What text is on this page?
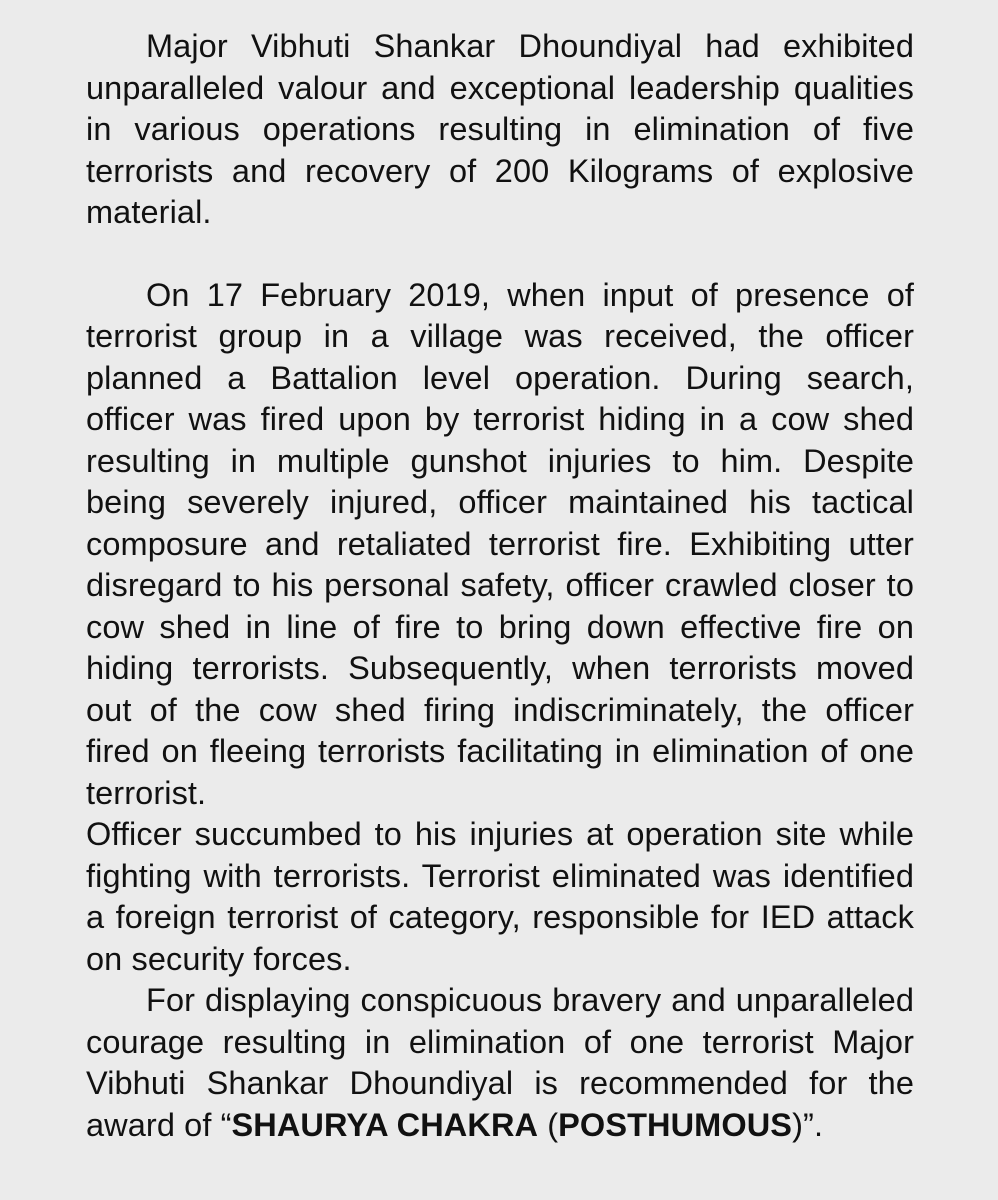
Major Vibhuti Shankar Dhoundiyal had exhibited unparalleled valour and exceptional leadership qualities in various operations resulting in elimination of five terrorists and recovery of 200 Kilograms of explosive material.

On 17 February 2019, when input of presence of terrorist group in a village was received, the officer planned a Battalion level operation. During search, officer was fired upon by terrorist hiding in a cow shed resulting in multiple gunshot injuries to him. Despite being severely injured, officer maintained his tactical composure and retaliated terrorist fire. Exhibiting utter disregard to his personal safety, officer crawled closer to cow shed in line of fire to bring down effective fire on hiding terrorists. Subsequently, when terrorists moved out of the cow shed firing indiscriminately, the officer fired on fleeing terrorists facilitating in elimination of one terrorist.
Officer succumbed to his injuries at operation site while fighting with terrorists. Terrorist eliminated was identified a foreign terrorist of category, responsible for IED attack on security forces.

For displaying conspicuous bravery and unparalleled courage resulting in elimination of one terrorist Major Vibhuti Shankar Dhoundiyal is recommended for the award of “SHAURYA CHAKRA (POSTHUMOUS)”.
